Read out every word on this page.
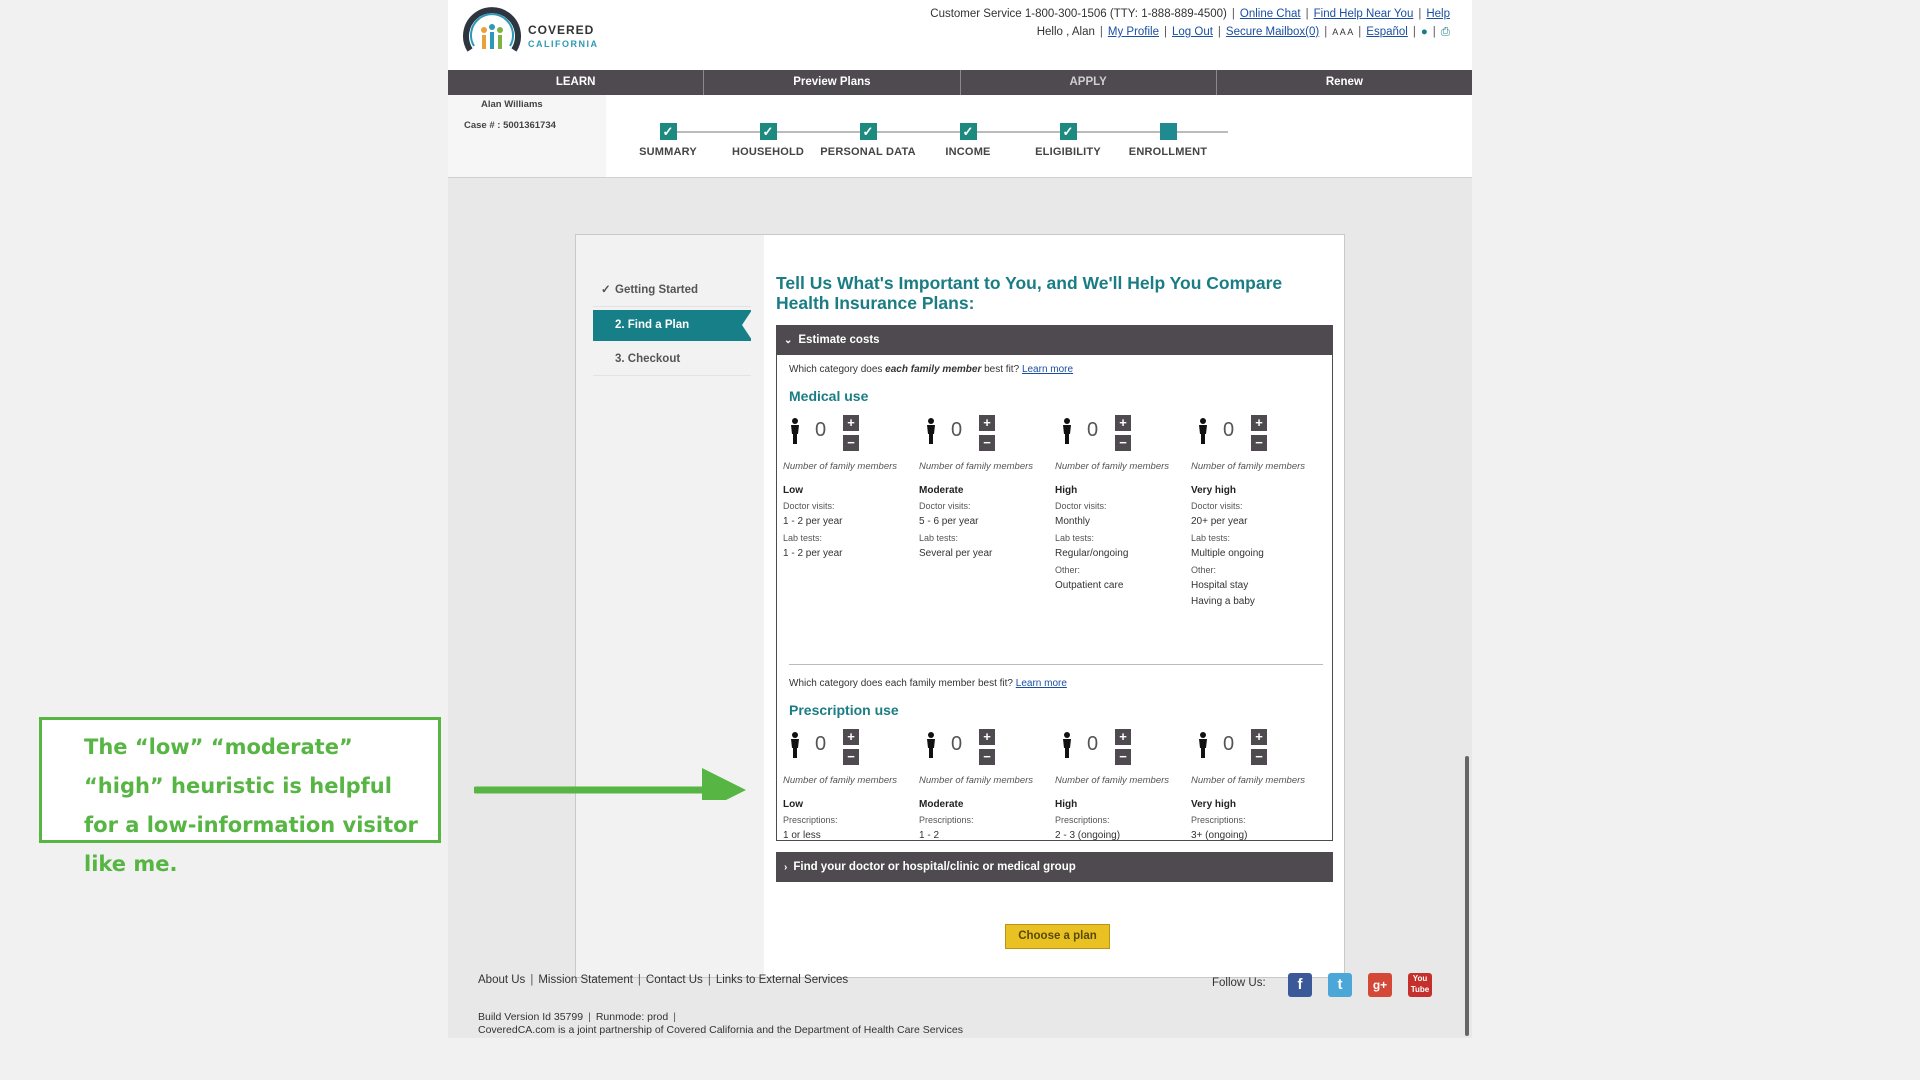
COVERED
CALIFORNIA
Customer Service 1-800-300-1506 (TTY: 1-888-889-4500) | Online Chat | Find Help Near You | Help
Hello , Alan | My Profile | Log Out | Secure Mailbox(0) | A A A | Español | ● | ⎙
LEARN	Preview Plans	APPLY	Renew
Alan Williams
Case # : 5001361734	✓
SUMMARY
✓
HOUSEHOLD
✓
PERSONAL DATA
✓
INCOME
✓
ELIGIBILITY	ENROLLMENT
✓ Getting Started
2. Find a Plan
3. Checkout
Tell Us What's Important to You, and We'll Help You Compare Health Insurance Plans:
⌄ Estimate costs
Which category does each family member best fit? Learn more
Medical use
0	+
−
Number of family members
Low
Doctor visits:
1 - 2 per year
Lab tests:
1 - 2 per year
0	+
−
Number of family members
Moderate
Doctor visits:
5 - 6 per year
Lab tests:
Several per year
0	+
−
Number of family members
High
Doctor visits:
Monthly
Lab tests:
Regular/ongoing
Other:
Outpatient care
0	+
−
Number of family members
Very high
Doctor visits:
20+ per year
Lab tests:
Multiple ongoing
Other:
Hospital stay
Having a baby
Which category does each family member best fit? Learn more
Prescription use
0	+
−
Number of family members
Low
Prescriptions:
1 or less
0	+
−
Number of family members
Moderate
Prescriptions:
1 - 2
0	+
−
Number of family members
High
Prescriptions:
2 - 3 (ongoing)
0	+
−
Number of family members
Very high
Prescriptions:
3+ (ongoing)
› Find your doctor or hospital/clinic or medical group
Choose a plan
About Us | Mission Statement | Contact Us | Links to External Services
Build Version Id 35799 | Runmode: prod |
CoveredCA.com is a joint partnership of Covered California and the Department of Health Care Services
Follow Us:	f	t	g+	You
Tube
The “low” “moderate” “high” heuristic is helpful for a low-information visitor like me.
